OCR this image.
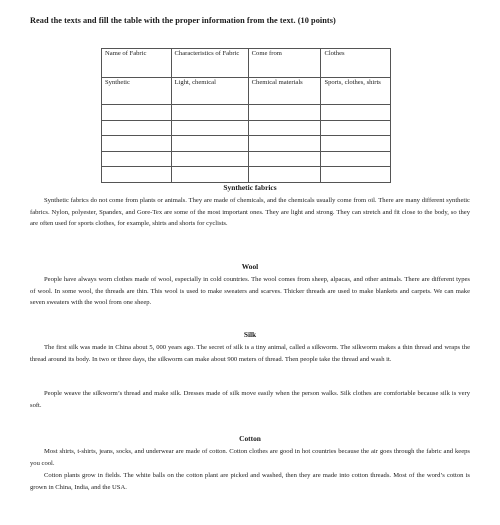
Read the texts and fill the table with the proper information from the text. (10 points)
Name of Fabric	Characteristics of Fabric	Come from	Clothes
Synthetic	Light, chemical	Chemical materials	Sports, clothes, shirts

Synthetic fabrics
Synthetic fabrics do not come from plants or animals. They are made of chemicals, and the chemicals usually come from oil. There are many different synthetic fabrics. Nylon, polyester, Spandex, and Gore-Tex are some of the most important ones. They are light and strong. They can stretch and fit close to the body, so they are often used for sports clothes, for example, shirts and shorts for cyclists.
Wool
People have always worn clothes made of wool, especially in cold countries. The wool comes from sheep, alpacas, and other animals. There are different types of wool. In some wool, the threads are thin. This wool is used to make sweaters and scarves. Thicker threads are used to make blankets and carpets. We can make seven sweaters with the wool from one sheep.
Silk
The first silk was made in China about 5, 000 years ago. The secret of silk is a tiny animal, called a silkworm. The silkworm makes a thin thread and wraps the thread around its body. In two or three days, the silkworm can make about 900 meters of thread. Then people take the thread and wash it.
People weave the silkworm’s thread and make silk. Dresses made of silk move easily when the person walks. Silk clothes are comfortable because silk is very soft.
Cotton
Most shirts, t-shirts, jeans, socks, and underwear are made of cotton. Cotton clothes are good in hot countries because the air goes through the fabric and keeps you cool.
Cotton plants grow in fields. The white balls on the cotton plant are picked and washed, then they are made into cotton threads. Most of the word’s cotton is grown in China, India, and the USA.
